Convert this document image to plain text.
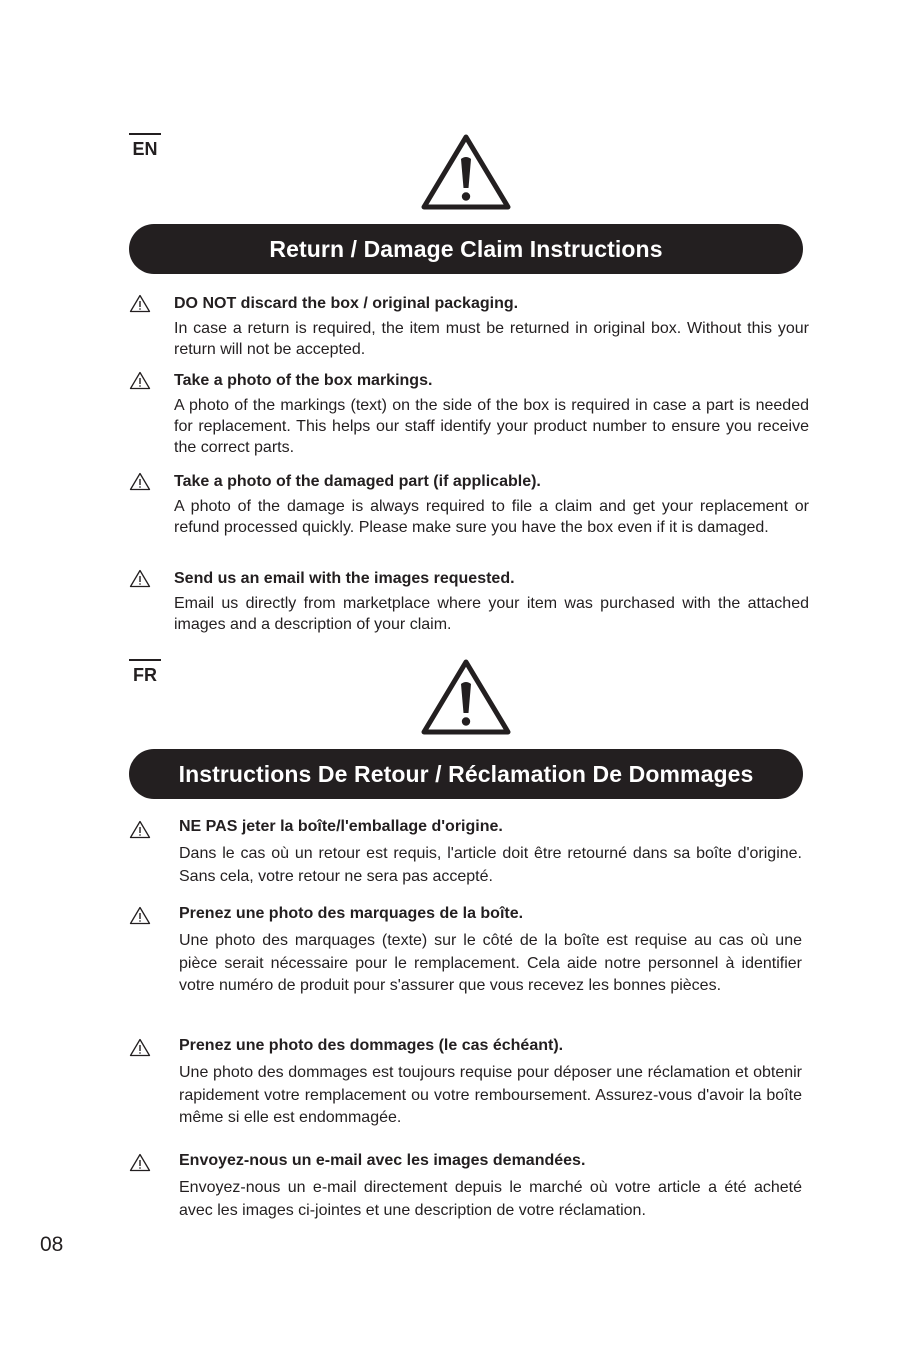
EN
Return / Damage Claim Instructions

DO NOT discard the box / original packaging.

In case a return is required, the item must be returned in original box. Without this your return will not be accepted.

Take a photo of the box markings.

A photo of the markings (text) on the side of the box is required in case a part is needed for replacement. This helps our staff identify your product number to ensure you receive the correct parts.

Take a photo of the damaged part (if applicable).

A photo of the damage is always required to file a claim and get your replacement or refund processed quickly. Please make sure you have the box even if it is damaged.

Send us an email with the images requested.

Email us directly from marketplace where your item was purchased with the attached images and a description of your claim.

FR
Instructions De Retour / Réclamation De Dommages

NE PAS jeter la boîte/l'emballage d'origine.

Dans le cas où un retour est requis, l'article doit être retourné dans sa boîte d'origine. Sans cela, votre retour ne sera pas accepté.

Prenez une photo des marquages de la boîte.

Une photo des marquages (texte) sur le côté de la boîte est requise au cas où une pièce serait nécessaire pour le remplacement. Cela aide notre personnel à identifier votre numéro de produit pour s'assurer que vous recevez les bonnes pièces.

Prenez une photo des dommages (le cas échéant).

Une photo des dommages est toujours requise pour déposer une réclamation et obtenir rapidement votre remplacement ou votre remboursement. Assurez-vous d'avoir la boîte même si elle est endommagée.

Envoyez-nous un e-mail avec les images demandées.

Envoyez-nous un e-mail directement depuis le marché où votre article a été acheté avec les images ci-jointes et une description de votre réclamation.

08
